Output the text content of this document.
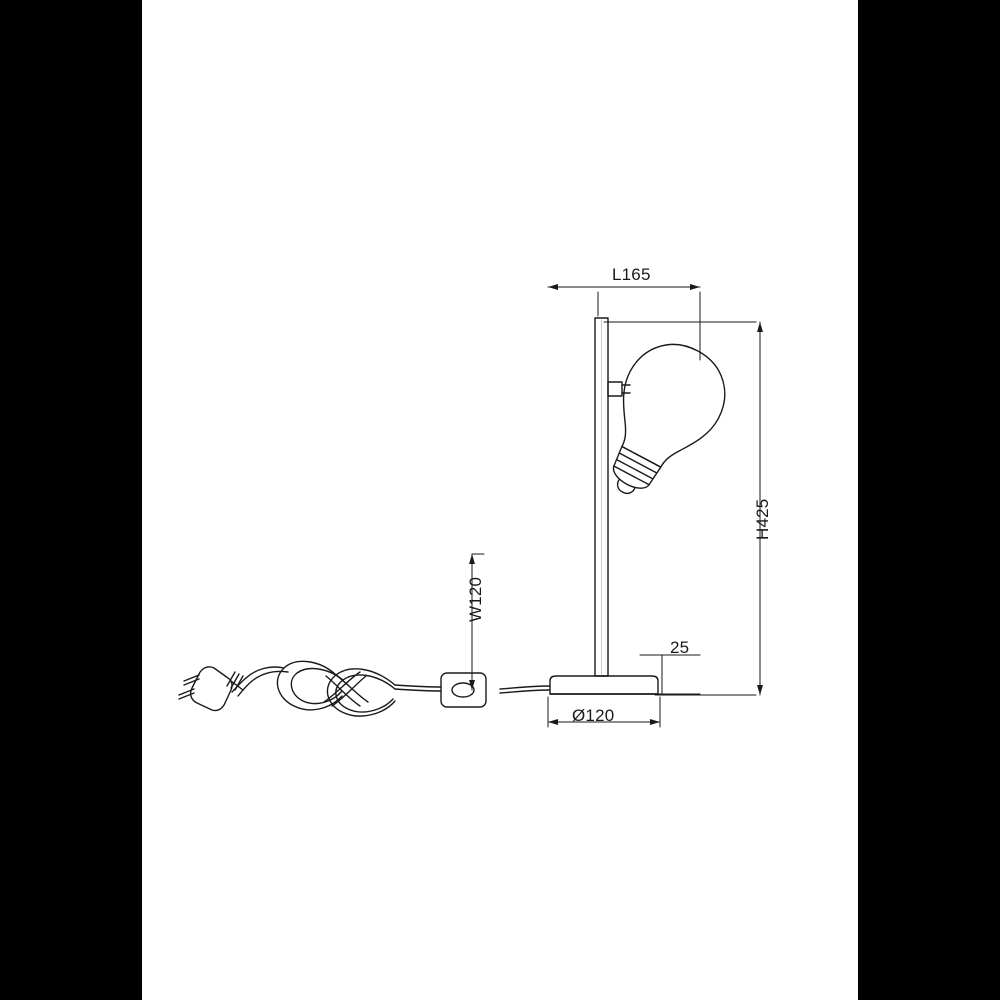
L165
H425
W120
25
Ø120
